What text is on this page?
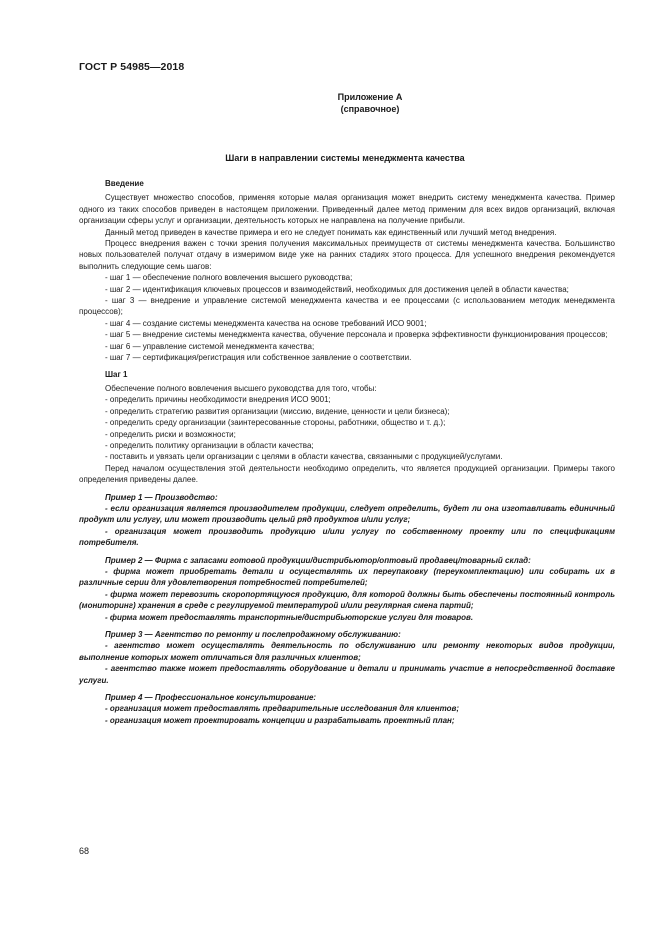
ГОСТ Р 54985—2018
Приложение А
(справочное)
Шаги в направлении системы менеджмента качества

Введение

Существует множество способов, применяя которые малая организация может внедрить систему менеджмента качества. Пример одного из таких способов приведен в настоящем приложении. Приведенный далее метод применим для всех видов организаций, включая организации сферы услуг и организации, деятельность которых не направлена на получение прибыли.

Данный метод приведен в качестве примера и его не следует понимать как единственный или лучший метод внедрения.

Процесс внедрения важен с точки зрения получения максимальных преимуществ от системы менеджмента качества. Большинство новых пользователей получат отдачу в измеримом виде уже на ранних стадиях этого процесса. Для успешного внедрения рекомендуется выполнить следующие семь шагов:

- шаг 1 — обеспечение полного вовлечения высшего руководства;

- шаг 2 — идентификация ключевых процессов и взаимодействий, необходимых для достижения целей в области качества;

- шаг 3 — внедрение и управление системой менеджмента качества и ее процессами (с использованием методик менеджмента процессов);

- шаг 4 — создание системы менеджмента качества на основе требований ИСО 9001;

- шаг 5 — внедрение системы менеджмента качества, обучение персонала и проверка эффективности функционирования процессов;

- шаг 6 — управление системой менеджмента качества;

- шаг 7 — сертификация/регистрация или собственное заявление о соответствии.

Шаг 1

Обеспечение полного вовлечения высшего руководства для того, чтобы:

- определить причины необходимости внедрения ИСО 9001;

- определить стратегию развития организации (миссию, видение, ценности и цели бизнеса);

- определить среду организации (заинтересованные стороны, работники, общество и т. д.);

- определить риски и возможности;

- определить политику организации в области качества;

- поставить и увязать цели организации с целями в области качества, связанными с продукцией/услугами.

Перед началом осуществления этой деятельности необходимо определить, что является продукцией организации. Примеры такого определения приведены далее.

Пример 1 — Производство:

- если организация является производителем продукции, следует определить, будет ли она изготавливать единичный продукт или услугу, или может производить целый ряд продуктов и/или услуг;

- организация может производить продукцию и/или услугу по собственному проекту или по спецификациям потребителя.

Пример 2 — Фирма с запасами готовой продукции/дистрибьютор/оптовый продавец/товарный склад:

- фирма может приобретать детали и осуществлять их переупаковку (переукомплектацию) или собирать их в различные серии для удовлетворения потребностей потребителей;

- фирма может перевозить скоропортящуюся продукцию, для которой должны быть обеспечены постоянный контроль (мониторинг) хранения в среде с регулируемой температурой и/или регулярная смена партий;

- фирма может предоставлять транспортные/дистрибьюторские услуги для товаров.

Пример 3 — Агентство по ремонту и послепродажному обслуживанию:

- агентство может осуществлять деятельность по обслуживанию или ремонту некоторых видов продукции, выполнение которых может отличаться для различных клиентов;

- агентство также может предоставлять оборудование и детали и принимать участие в непосредственной доставке услуги.

Пример 4 — Профессиональное консультирование:

- организация может предоставлять предварительные исследования для клиентов;

- организация может проектировать концепции и разрабатывать проектный план;

68
